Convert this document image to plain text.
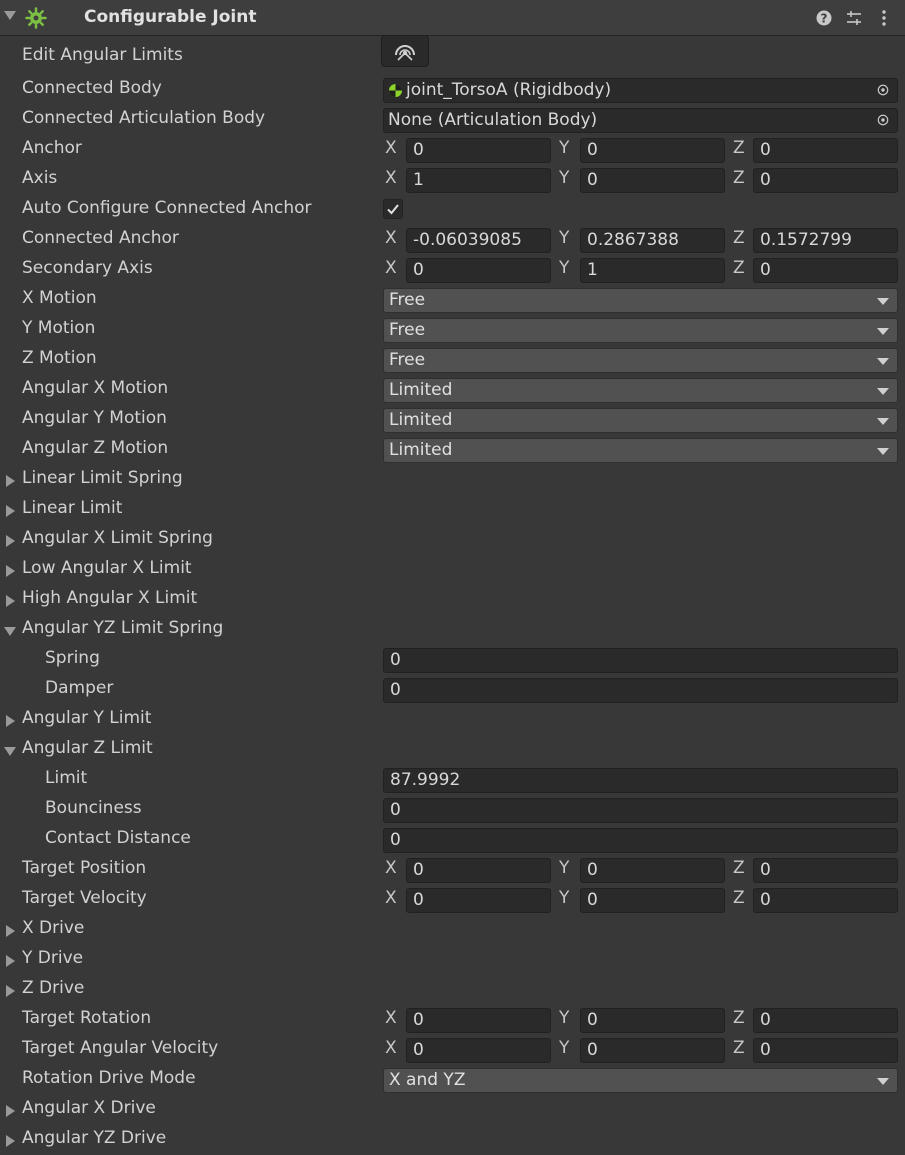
Configurable Joint	?
Edit Angular Limits
Connected Body	joint_TorsoA (Rigidbody)
Connected Articulation Body	None (Articulation Body)
Anchor	X 0	Y	0	Z 0
Axis	X 1	Y	0	Z 0
Auto Configure Connected Anchor
Connected Anchor	X -0.06039085	Y	0.2867388	Z 0.1572799
Secondary Axis	X 0	Y	1	Z 0
X Motion	Free
Y Motion	Free
Z Motion	Free
Angular X Motion	Limited
Angular Y Motion	Limited
Angular Z Motion	Limited
Linear Limit Spring
Linear Limit
Angular X Limit Spring
Low Angular X Limit
High Angular X Limit
Angular YZ Limit Spring
Spring	0
Damper	0
Angular Y Limit
Angular Z Limit
Limit	87.9992
Bounciness	0
Contact Distance	0
Target Position	X 0	Y	0	Z 0
Target Velocity	X 0	Y	0	Z 0
X Drive
Y Drive
Z Drive
Target Rotation	X 0	Y	0	Z 0
Target Angular Velocity	X 0	Y	0	Z 0
Rotation Drive Mode	X and YZ
Angular X Drive
Angular YZ Drive
